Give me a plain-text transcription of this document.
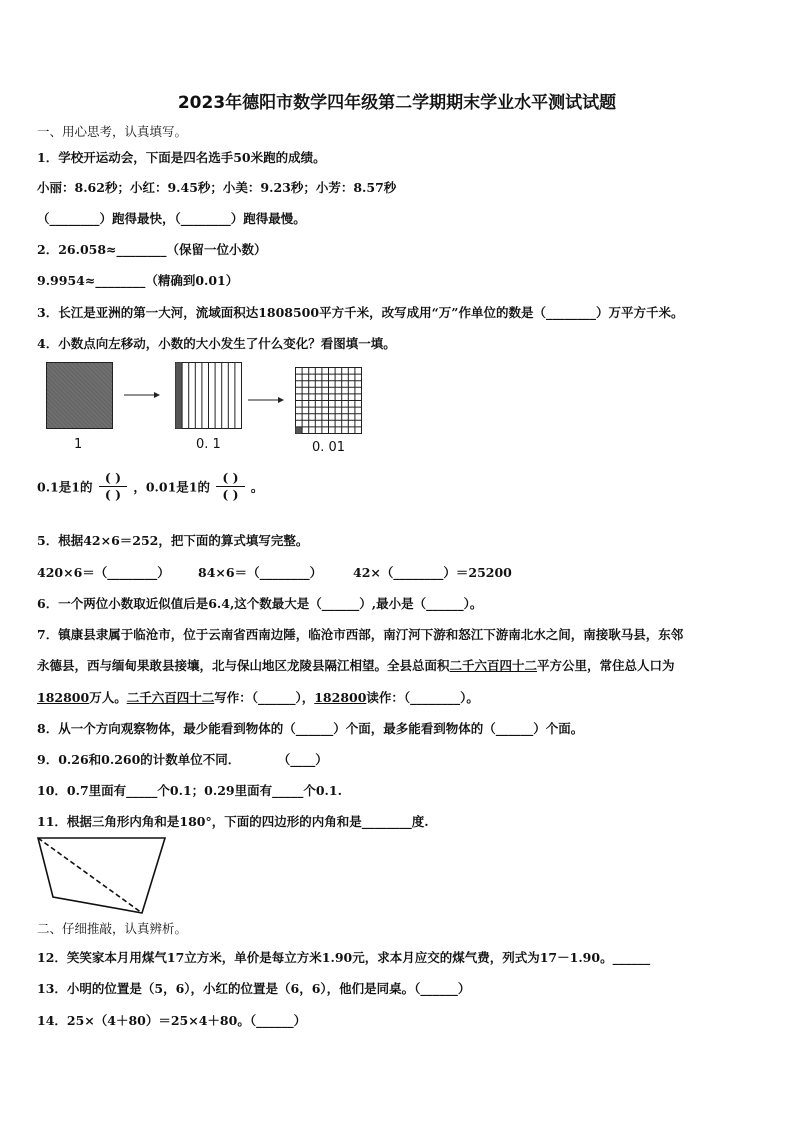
2023年德阳市数学四年级第二学期期末学业水平测试试题
一、用心思考，认真填写。
1．学校开运动会，下面是四名选手50米跑的成绩。
小丽：8.62秒；小红：9.45秒；小美：9.23秒；小芳：8.57秒
（________）跑得最快，（________）跑得最慢。
2．26.058≈________（保留一位小数）
9.9954≈________（精确到0.01）
3．长江是亚洲的第一大河，流域面积达1808500平方千米，改写成用“万”作单位的数是（________）万平方千米。
4．小数点向左移动，小数的大小发生了什么变化？看图填一填。
1	0. 1	0. 01
0.1是1的 $\frac{( )}{( )}$ ，0.01是1的 $\frac{( )}{( )}$ 。
5．根据42×6＝252，把下面的算式填写完整。
420×6＝（________） 84×6＝（________） 42×（________）＝25200
6．一个两位小数取近似值后是6.4,这个数最大是（______）,最小是（______）。
7．镇康县隶属于临沧市，位于云南省西南边陲，临沧市西部，南汀河下游和怒江下游南北水之间，南接耿马县，东邻
永德县，西与缅甸果敢县接壤，北与保山地区龙陵县隔江相望。全县总面积二千六百四十二平方公里，常住总人口为
182800万人。二千六百四十二写作：（______），182800读作：（________）。
8．从一个方向观察物体，最少能看到物体的（______）个面，最多能看到物体的（______）个面。
9．0.26和0.260的计数单位不同．　　　　（____）
10．0.7里面有_____个0.1；0.29里面有_____个0.1.
11．根据三角形内角和是180°，下面的四边形的内角和是________度.
二、仔细推敲，认真辨析。
12．笑笑家本月用煤气17立方米，单价是每立方米1.90元，求本月应交的煤气费，列式为17－1.90。______
13．小明的位置是（5，6），小红的位置是（6，6），他们是同桌。（______）
14．25×（4＋80）＝25×4＋80。（______）
